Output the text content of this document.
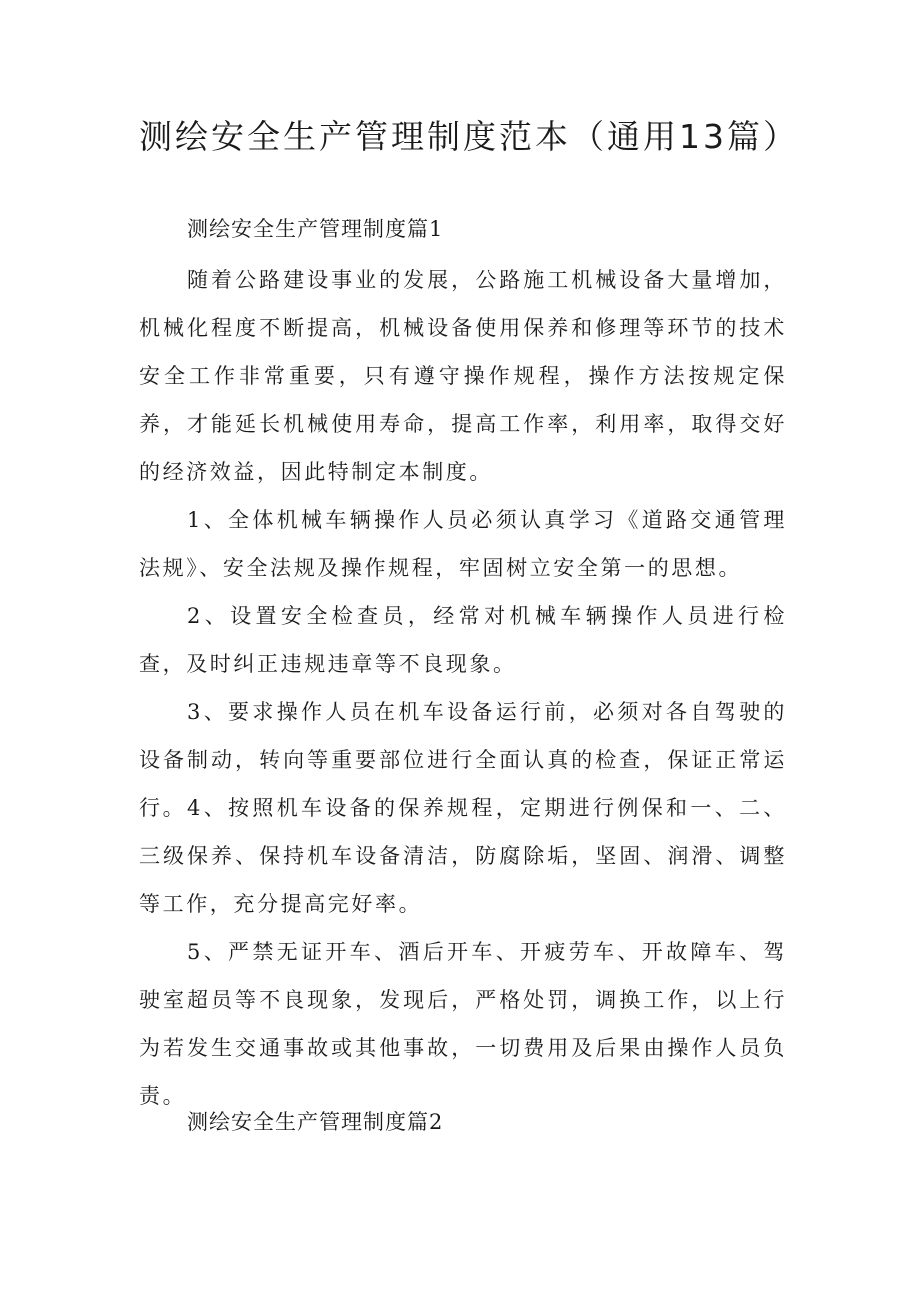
测绘安全生产管理制度范本（通用13篇）
测绘安全生产管理制度篇1

随着公路建设事业的发展，公路施工机械设备大量增加，机械化程度不断提高，机械设备使用保养和修理等环节的技术安全工作非常重要，只有遵守操作规程，操作方法按规定保养，才能延长机械使用寿命，提高工作率，利用率，取得交好的经济效益，因此特制定本制度。

1、全体机械车辆操作人员必须认真学习《道路交通管理法规》、安全法规及操作规程，牢固树立安全第一的思想。

2、设置安全检查员，经常对机械车辆操作人员进行检查，及时纠正违规违章等不良现象。

3、要求操作人员在机车设备运行前，必须对各自驾驶的设备制动，转向等重要部位进行全面认真的检查，保证正常运行。 4、按照机车设备的保养规程，定期进行例保和一、二、三级保养、保持机车设备清洁，防腐除垢，坚固、润滑、调整等工作，充分提高完好率。

5、严禁无证开车、酒后开车、开疲劳车、开故障车、驾驶室超员等不良现象，发现后，严格处罚，调换工作，以上行为若发生交通事故或其他事故，一切费用及后果由操作人员负责。

测绘安全生产管理制度篇2
